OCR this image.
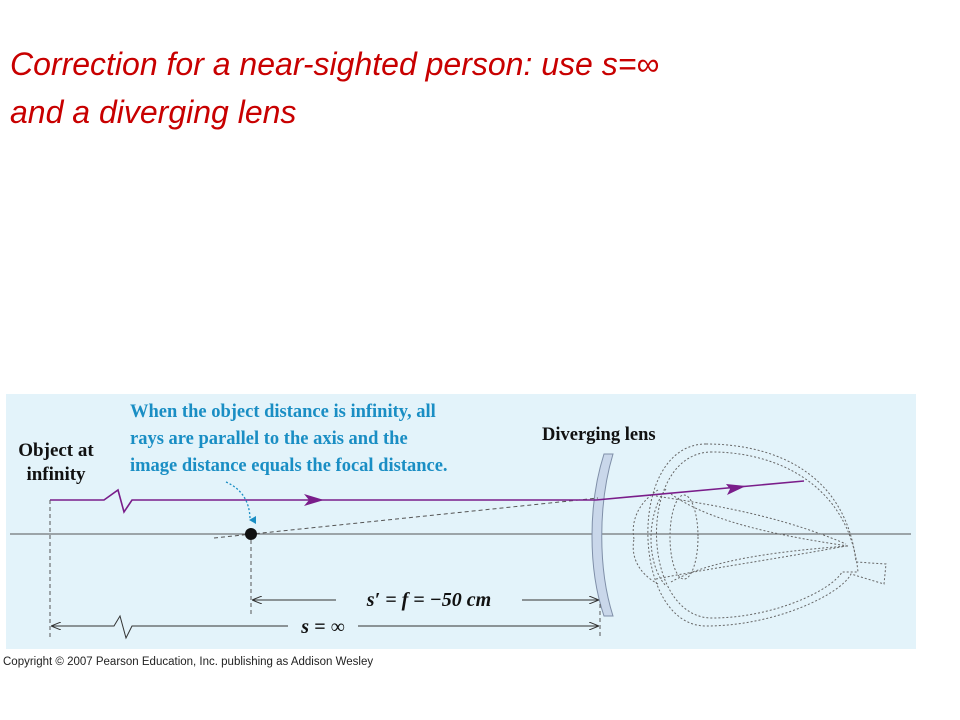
Correction for a near-sighted person: use s=∞
and a diverging lens
Object at
infinity
When the object distance is infinity, all
rays are parallel to the axis and the
image distance equals the focal distance.
Diverging lens
s′ = f = −50 cm
s = ∞
Copyright © 2007 Pearson Education, Inc. publishing as Addison Wesley
